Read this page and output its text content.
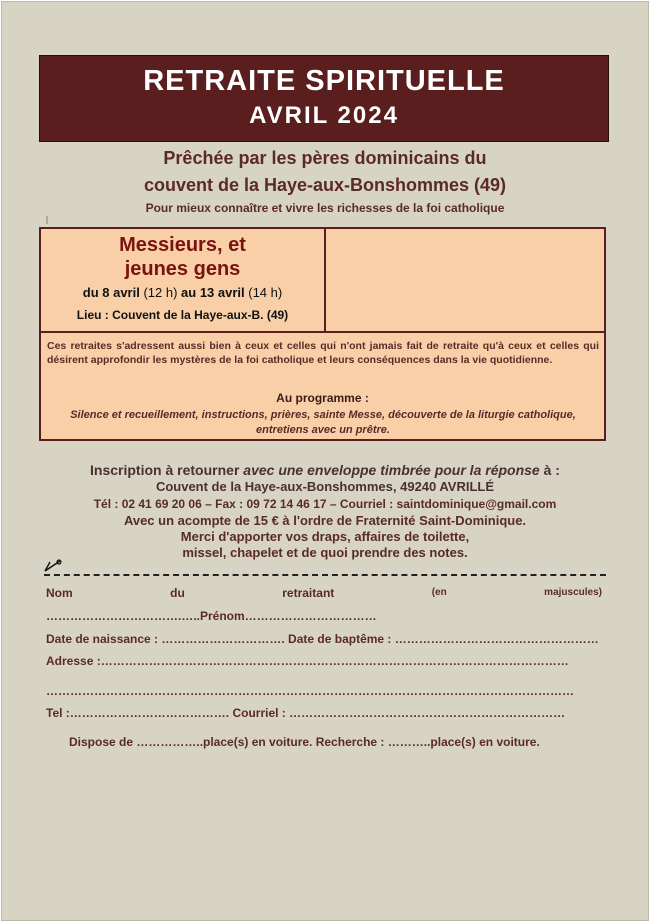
RETRAITE SPIRITUELLE
AVRIL 2024
Prêchée par les pères dominicains du
couvent de la Haye-aux-Bonshommes (49)
Pour mieux connaître et vivre les richesses de la foi catholique
Messieurs, et
jeunes gens
du 8 avril (12 h) au 13 avril (14 h)
Lieu : Couvent de la Haye-aux-B. (49)
Ces retraites s'adressent aussi bien à ceux et celles qui n'ont jamais fait de retraite qu'à ceux et celles qui désirent approfondir les mystères de la foi catholique et leurs conséquences dans la vie quotidienne.
Au programme :
Silence et recueillement, instructions, prières, sainte Messe, découverte de la liturgie catholique, entretiens avec un prêtre.
Inscription à retourner avec une enveloppe timbrée pour la réponse à :
Couvent de la Haye-aux-Bonshommes, 49240 AVRILLÉ
Tél : 02 41 69 20 06 – Fax : 09 72 14 46 17 – Courriel : saintdominique@gmail.com
Avec un acompte de 15 € à l'ordre de Fraternité Saint-Dominique.
Merci d'apporter vos draps, affaires de toilette,
missel, chapelet et de quoi prendre des notes.
Nom	du	retraitant	(en	majuscules)
…………………………….…..Prénom……………………………
Date de naissance : …………………………. Date de baptême : ……………………………………………
Adresse :………………………………………………………………………………………………………
……………………………………………………………………………………………………………………
Tel :…………………………………. Courriel : ……………………………………………………………
Dispose de ……………..place(s) en voiture. Recherche : ………..place(s) en voiture.
